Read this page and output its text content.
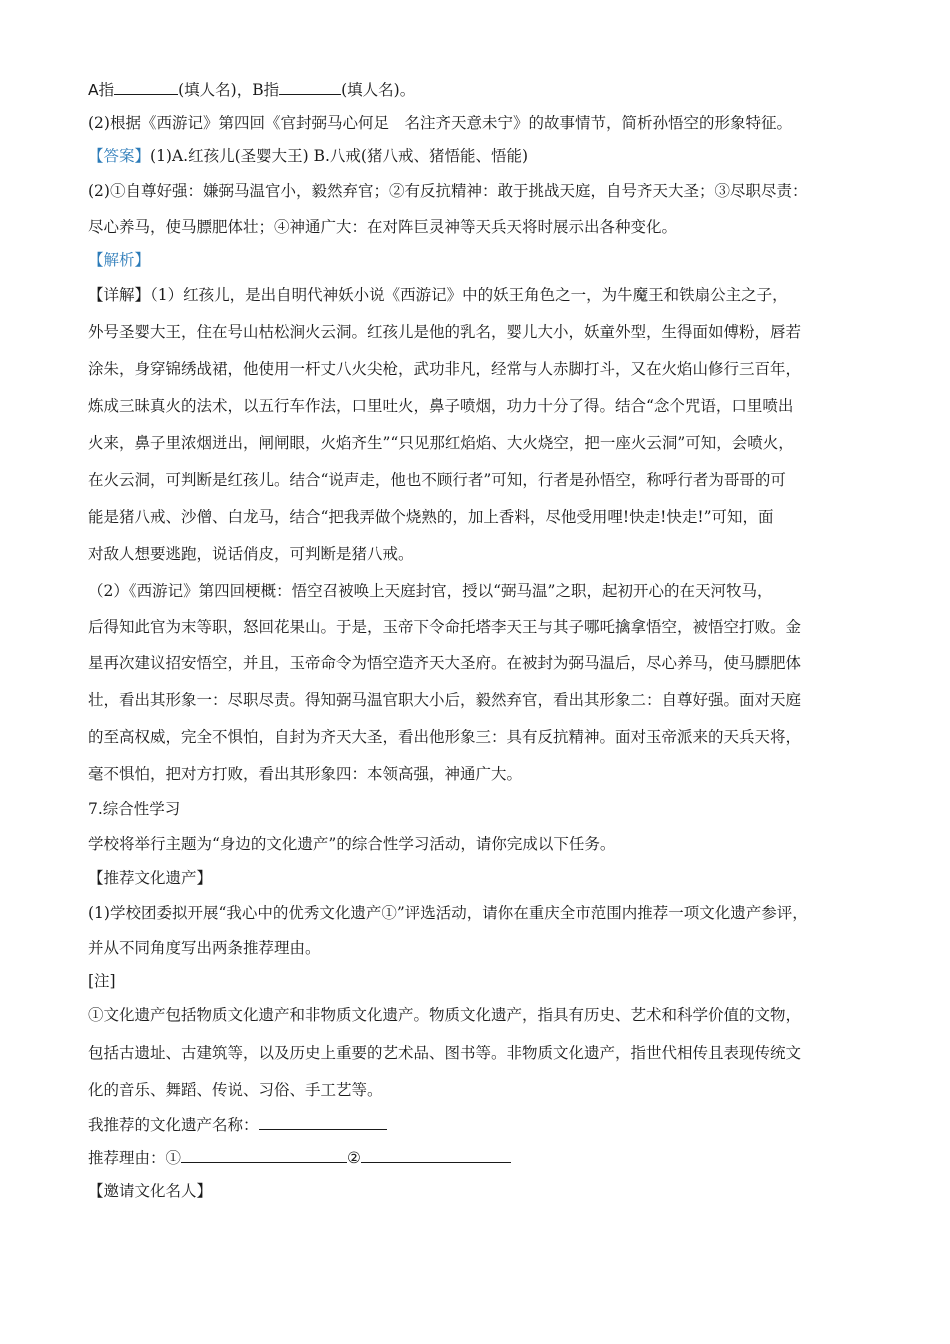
A指	(填人名)，B指	(填人名)。
(2)根据《西游记》第四回《官封弼马心何足　名注齐天意未宁》的故事情节，简析孙悟空的形象特征。
【答案】(1)A.红孩儿(圣婴大王) B.八戒(猪八戒、猪悟能、悟能)
(2)①自尊好强：嫌弼马温官小，毅然弃官；②有反抗精神：敢于挑战天庭，自号齐天大圣；③尽职尽责：
尽心养马，使马膘肥体壮；④神通广大：在对阵巨灵神等天兵天将时展示出各种变化。
【解析】
【详解】（1）红孩儿，是出自明代神妖小说《西游记》中的妖王角色之一，为牛魔王和铁扇公主之子，
外号圣婴大王，住在号山枯松涧火云洞。红孩儿是他的乳名，婴儿大小，妖童外型，生得面如傅粉，唇若
涂朱，身穿锦绣战裙，他使用一杆丈八火尖枪，武功非凡，经常与人赤脚打斗，又在火焰山修行三百年，
炼成三昧真火的法术，以五行车作法，口里吐火，鼻子喷烟，功力十分了得。结合“念个咒语，口里喷出
火来，鼻子里浓烟迸出，闸闸眼，火焰齐生”“只见那红焰焰、大火烧空，把一座火云洞”可知，会喷火，
在火云洞，可判断是红孩儿。结合“说声走，他也不顾行者”可知，行者是孙悟空，称呼行者为哥哥的可
能是猪八戒、沙僧、白龙马，结合“把我弄做个烧熟的，加上香料，尽他受用哩!快走!快走!”可知，面
对敌人想要逃跑，说话俏皮，可判断是猪八戒。
（2）《西游记》第四回梗概：悟空召被唤上天庭封官，授以“弼马温”之职，起初开心的在天河牧马，
后得知此官为末等职，怒回花果山。于是，玉帝下令命托塔李天王与其子哪吒擒拿悟空，被悟空打败。金
星再次建议招安悟空，并且，玉帝命令为悟空造齐天大圣府。在被封为弼马温后，尽心养马，使马膘肥体
壮，看出其形象一：尽职尽责。得知弼马温官职大小后，毅然弃官，看出其形象二：自尊好强。面对天庭
的至高权威，完全不惧怕，自封为齐天大圣，看出他形象三：具有反抗精神。面对玉帝派来的天兵天将，
毫不惧怕，把对方打败，看出其形象四：本领高强，神通广大。
7.综合性学习
学校将举行主题为“身边的文化遗产”的综合性学习活动，请你完成以下任务。
【推荐文化遗产】
(1)学校团委拟开展“我心中的优秀文化遗产①”评选活动，请你在重庆全市范围内推荐一项文化遗产参评，
并从不同角度写出两条推荐理由。
[注]
①文化遗产包括物质文化遗产和非物质文化遗产。物质文化遗产，指具有历史、艺术和科学价值的文物，
包括古遗址、古建筑等，以及历史上重要的艺术品、图书等。非物质文化遗产，指世代相传且表现传统文
化的音乐、舞蹈、传说、习俗、手工艺等。
我推荐的文化遗产名称：
推荐理由：①	②
【邀请文化名人】
